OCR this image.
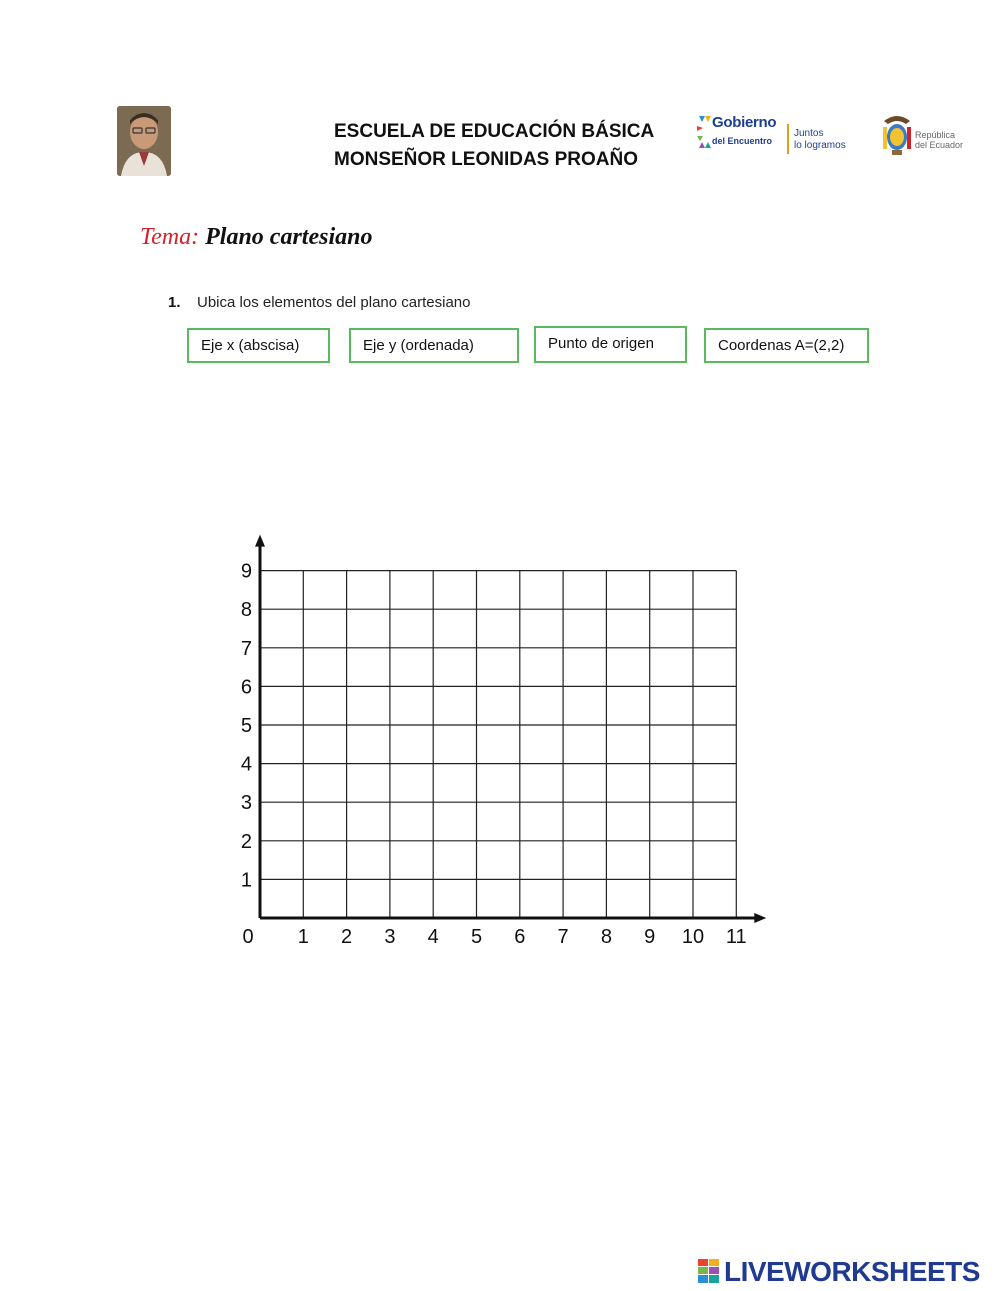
ESCUELA DE EDUCACIÓN BÁSICA
MONSEÑOR LEONIDAS PROAÑO
Gobierno
del Encuentro
Juntos
lo logramos
República
del Ecuador
Tema: Plano cartesiano
1. Ubica los elementos del plano cartesiano
Eje x (abscisa)	Eje y (ordenada)	Punto de origen	Coordenas A=(2,2)
0 1 2 3 4 5 6 7 8 9 10 11
1
2
3
4
5
6
7
8
9
LIVEWORKSHEETS
